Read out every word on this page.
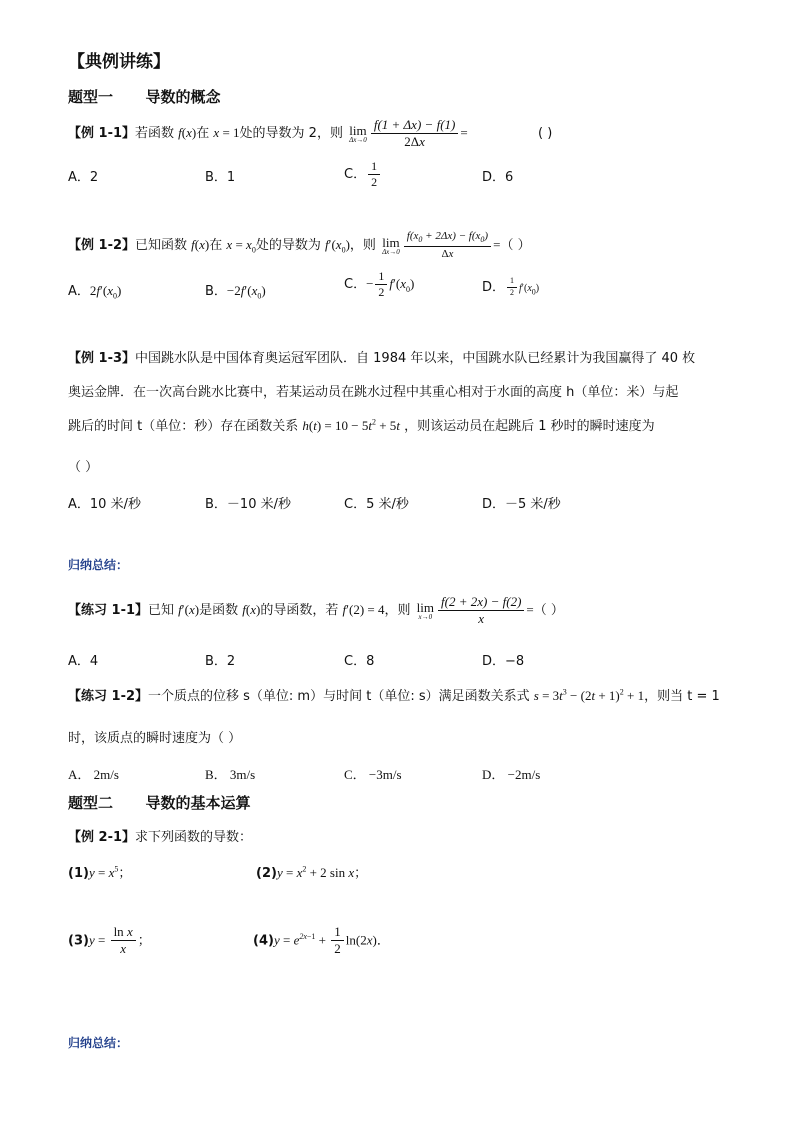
【典例讲练】
题型一 导数的概念
【例 1-1】若函数 f(x)在 x = 1处的导数为 2，则 lim
$\Delta x\to 0 \frac{f(1 + \Delta x) - f(1)}{2\Delta x}$ =	( )
A．2	B．1	C． $\frac{1}{2}$	D．6
【例 1-2】已知函数 f(x)在 $x = x_0$处的导数为 $f'(x_0)$，则 lim
$\Delta x\to 0 \frac{f(x_0 + 2\Delta x) - f(x_0)}{\Delta x}$ =（ ）
A．$2f'(x_0)$	B．$-2f'(x_0)$	C．− $\frac{1}{2} f'(x_0)$	D． $\frac{1}{2} f'(x_0)$
【例 1-3】中国跳水队是中国体育奥运冠军团队．自 1984 年以来，中国跳水队已经累计为我国赢得了 40 枚
奥运金牌．在一次高台跳水比赛中，若某运动员在跳水过程中其重心相对于水面的高度 h（单位：米）与起
跳后的时间 t（单位：秒）存在函数关系 $h(t) = 10 - 5t^2 + 5t$ ，则该运动员在起跳后 1 秒时的瞬时速度为
（ ）
A．10 米/秒	B．－10 米/秒	C．5 米/秒	D．－5 米/秒
归纳总结：
【练习 1-1】已知 f′(x)是函数 f(x)的导函数，若 f′(2) = 4，则 lim
$x\to 0 \frac{f(2 + 2x) - f(2)}{x}$ =（ ）
A．4	B．2	C．8	D．−8
【练习 1-2】一个质点的位移 s（单位: m）与时间 t（单位: s）满足函数关系式 $s = 3t^3 - (2t + 1)^2 + 1$，则当 t = 1
时，该质点的瞬时速度为（ ）
A． 2m/s	B． 3m/s	C． −3m/s	D． −2m/s
题型二 导数的基本运算
【例 2-1】求下列函数的导数：
$(1)y = x^5$；	$(2)y = x^2 + 2$ sin x；
$(3)y = \frac{\text{ln x}}{x}$ ；	$(4)y = e^{2x-1} + \frac{1}{2} \ln(2x)$．
归纳总结：
